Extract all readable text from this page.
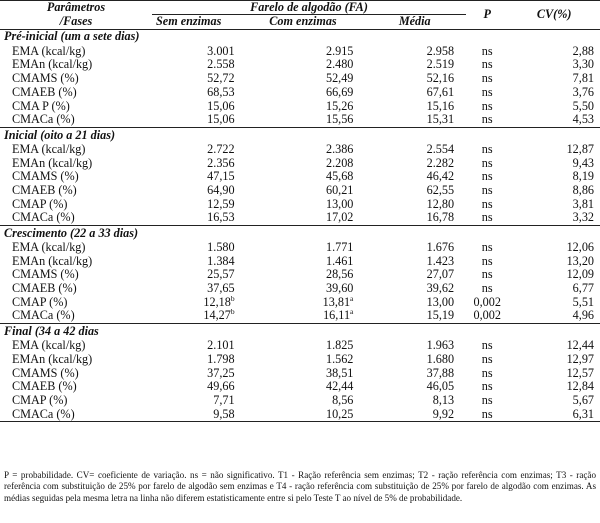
Parâmetros	Farelo de algodão (FA)			P	CV(%)
/Fases	Sem enzimas	Com enzimas	Média		
Pré-inicial (um a sete dias)					
EMA (kcal/kg)	3.001	2.915	2.958	ns	2,88
EMAn (kcal/kg)	2.558	2.480	2.519	ns	3,30
CMAMS (%)	52,72	52,49	52,16	ns	7,81
CMAEB (%)	68,53	66,69	67,61	ns	3,76
CMA P (%)	15,06	15,26	15,16	ns	5,50
CMACa (%)	15,06	15,56	15,31	ns	4,53
Inicial (oito a 21 dias)					
EMA (kcal/kg)	2.722	2.386	2.554	ns	12,87
EMAn (kcal/kg)	2.356	2.208	2.282	ns	9,43
CMAMS (%)	47,15	45,68	46,42	ns	8,19
CMAEB (%)	64,90	60,21	62,55	ns	8,86
CMAP (%)	12,59	13,00	12,80	ns	3,81
CMACa (%)	16,53	17,02	16,78	ns	3,32
Crescimento (22 a 33 dias)					
EMA (kcal/kg)	1.580	1.771	1.676	ns	12,06
EMAn (kcal/kg)	1.384	1.461	1.423	ns	13,20
CMAMS (%)	25,57	28,56	27,07	ns	12,09
CMAEB (%)	37,65	39,60	39,62	ns	6,77
CMAP (%)	12,18$^b$	13,81$^a$	13,00	0,002	5,51
CMACa (%)	14,27$^b$	16,11$^a$	15,19	0,002	4,96
Final (34 a 42 dias					
EMA (kcal/kg)	2.101	1.825	1.963	ns	12,44
EMAn (kcal/kg)	1.798	1.562	1.680	ns	12,97
CMAMS (%)	37,25	38,51	37,88	ns	12,57
CMAEB (%)	49,66	42,44	46,05	ns	12,84
CMAP (%)	7,71	8,56	8,13	ns	5,67
CMACa (%)	9,58	10,25	9,92	ns	6,31
P = probabilidade. CV= coeficiente de variação. ns = não significativo. T1 - Ração referência sem enzimas; T2 - ração referência com enzimas; T3 - ração referência com substituição de 25% por farelo de algodão sem enzimas e T4 - ração referência com substituição de 25% por farelo de algodão com enzimas. As médias seguidas pela mesma letra na linha não diferem estatisticamente entre si pelo Teste T ao nível de 5% de probabilidade.
